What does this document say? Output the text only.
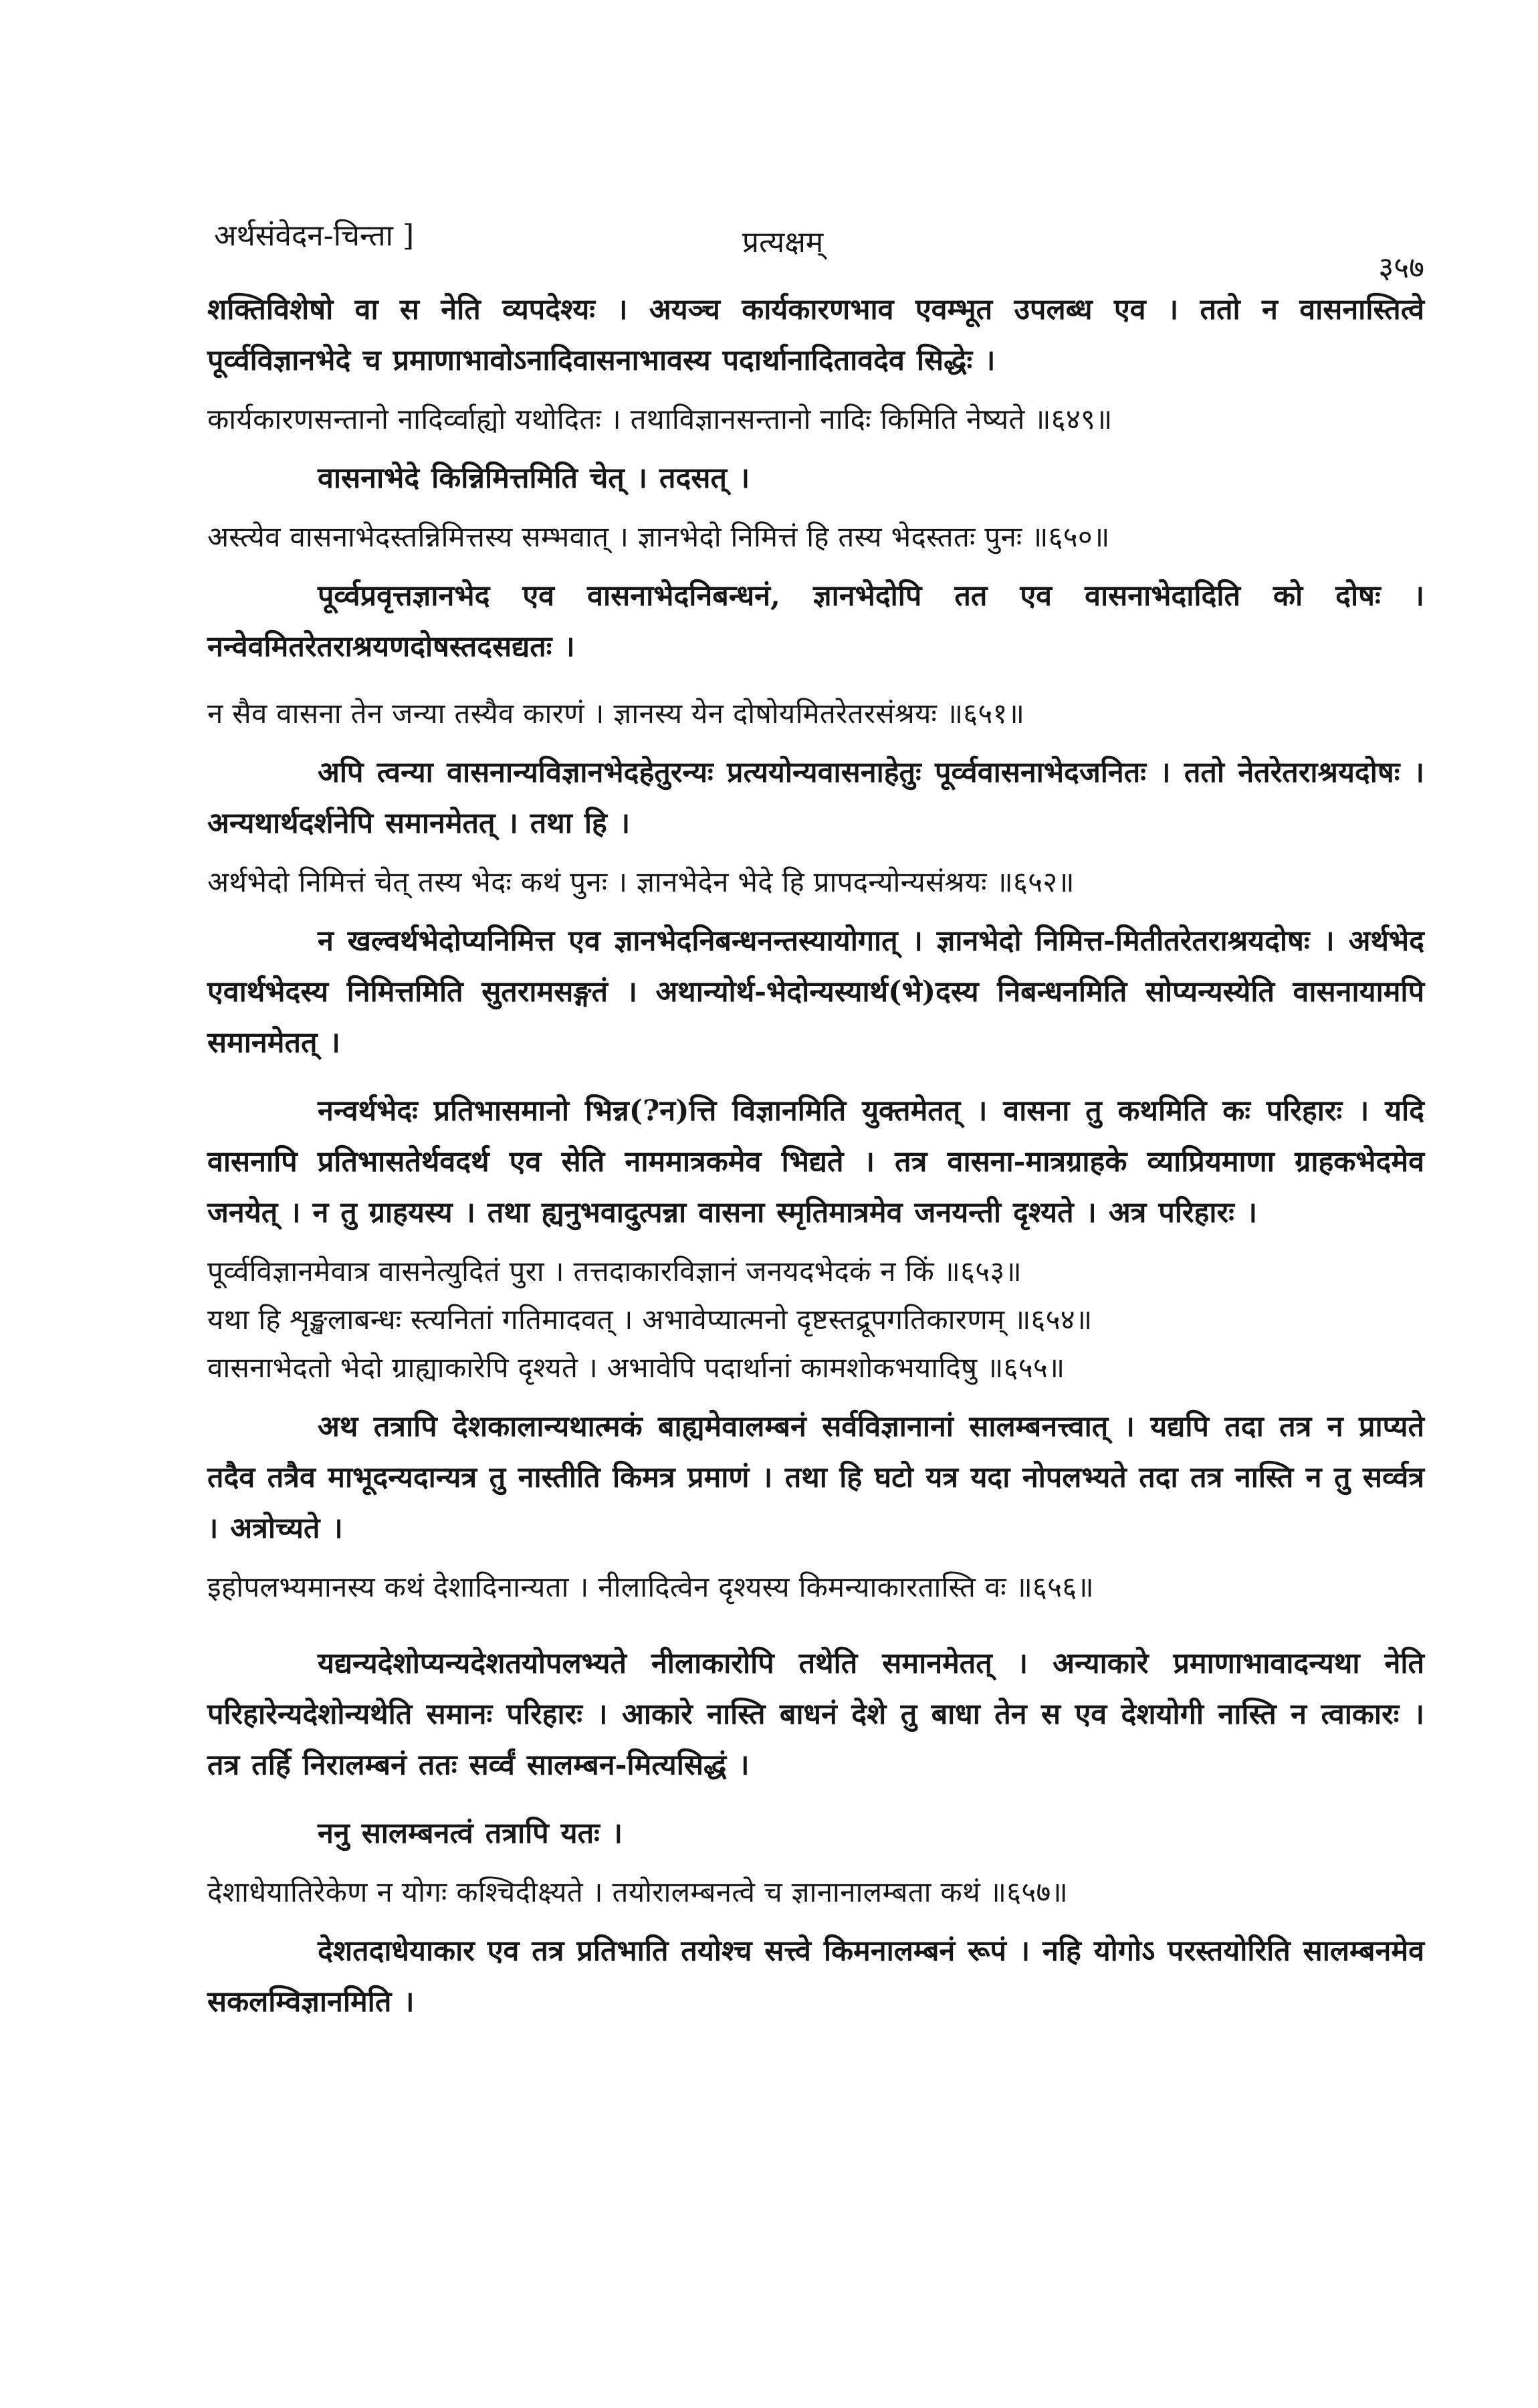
अर्थसंवेदन-चिन्ता ]	प्रत्यक्षम्
३५७

शक्तिविशेषो वा स नेति व्यपदेश्यः । अयञ्च कार्यकारणभाव एवम्भूत उपलब्ध एव । ततो न वासनास्तित्वे पूर्व्वविज्ञानभेदे च प्रमाणाभावोऽनादिवासनाभावस्य पदार्थानादितावदेव सिद्धेः ।

कार्यकारणसन्तानो नादिर्व्वाह्यो यथोदितः । तथाविज्ञानसन्तानो नादिः किमिति नेष्यते ॥६४९॥

वासनाभेदे किन्निमित्तमिति चेत् । तदसत् ।

अस्त्येव वासनाभेदस्तन्निमित्तस्य सम्भवात् । ज्ञानभेदो निमित्तं हि तस्य भेदस्ततः पुनः ॥६५०॥

पूर्व्वप्रवृत्तज्ञानभेद एव वासनाभेदनिबन्धनं, ज्ञानभेदोपि तत एव वासनाभेदादिति को दोषः । नन्वेवमितरेतराश्रयणदोषस्तदसद्यतः ।

न सैव वासना तेन जन्या तस्यैव कारणं । ज्ञानस्य येन दोषोयमितरेतरसंश्रयः ॥६५१॥

अपि त्वन्या वासनान्यविज्ञानभेदहेतुरन्यः प्रत्ययोन्यवासनाहेतुः पूर्व्ववासनाभेदजनितः । ततो नेतरेतराश्रयदोषः । अन्यथार्थदर्शनेपि समानमेतत् । तथा हि ।

अर्थभेदो निमित्तं चेत् तस्य भेदः कथं पुनः । ज्ञानभेदेन भेदे हि प्रापदन्योन्यसंश्रयः ॥६५२॥

न खल्वर्थभेदोप्यनिमित्त एव ज्ञानभेदनिबन्धनन्तस्यायोगात् । ज्ञानभेदो निमित्त-मितीतरेतराश्रयदोषः । अर्थभेद एवार्थभेदस्य निमित्तमिति सुतरामसङ्गतं । अथान्योर्थ-भेदोन्यस्यार्थ(भे)दस्य निबन्धनमिति सोप्यन्यस्येति वासनायामपि समानमेतत् ।

नन्वर्थभेदः प्रतिभासमानो भिन्न(?न)त्ति विज्ञानमिति युक्तमेतत् । वासना तु कथमिति कः परिहारः । यदि वासनापि प्रतिभासतेर्थवदर्थ एव सेति नाममात्रकमेव भिद्यते । तत्र वासना-मात्रग्राहके व्याप्रियमाणा ग्राहकभेदमेव जनयेत् । न तु ग्राहयस्य । तथा ह्यनुभवादुत्पन्ना वासना स्मृतिमात्रमेव जनयन्ती दृश्यते । अत्र परिहारः ।

पूर्व्वविज्ञानमेवात्र वासनेत्युदितं पुरा । तत्तदाकारविज्ञानं जनयदभेदकं न किं ॥६५३॥
यथा हि शृङ्खलाबन्धः स्त्यनितां गतिमादवत् । अभावेप्यात्मनो दृष्टस्तद्रूपगतिकारणम् ॥६५४॥
वासनाभेदतो भेदो ग्राह्याकारेपि दृश्यते । अभावेपि पदार्थानां कामशोकभयादिषु ॥६५५॥

अथ तत्रापि देशकालान्यथात्मकं बाह्यमेवालम्बनं सर्वविज्ञानानां सालम्बनत्त्वात् । यद्यपि तदा तत्र न प्राप्यते तदैव तत्रैव माभूदन्यदान्यत्र तु नास्तीति किमत्र प्रमाणं । तथा हि घटो यत्र यदा नोपलभ्यते तदा तत्र नास्ति न तु सर्व्वत्र । अत्रोच्यते ।

इहोपलभ्यमानस्य कथं देशादिनान्यता । नीलादित्वेन दृश्यस्य किमन्याकारतास्ति वः ॥६५६॥

यद्यन्यदेशोप्यन्यदेशतयोपलभ्यते नीलाकारोपि तथेति समानमेतत् । अन्याकारे प्रमाणाभावादन्यथा नेति परिहारेन्यदेशोन्यथेति समानः परिहारः । आकारे नास्ति बाधनं देशे तु बाधा तेन स एव देशयोगी नास्ति न त्वाकारः । तत्र तर्हि निरालम्बनं ततः सर्व्वं सालम्बन-मित्यसिद्धं ।

ननु सालम्बनत्वं तत्रापि यतः ।

देशाधेयातिरेकेण न योगः कश्चिदीक्ष्यते । तयोरालम्बनत्वे च ज्ञानानालम्बता कथं ॥६५७॥

देशतदाधेयाकार एव तत्र प्रतिभाति तयोश्च सत्त्वे किमनालम्बनं रूपं । नहि योगोऽ परस्तयोरिति सालम्बनमेव सकलम्विज्ञानमिति ।
